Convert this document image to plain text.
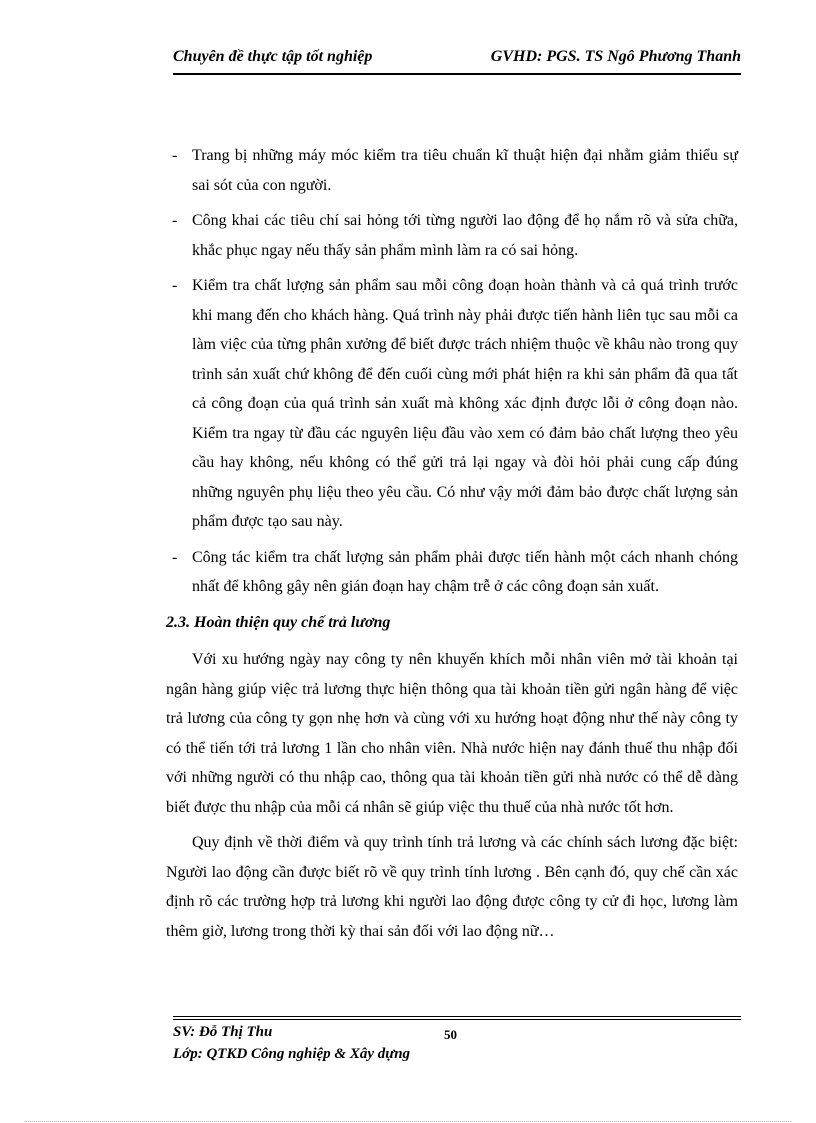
Chuyên đề thực tập tốt nghiệp	GVHD: PGS. TS Ngô Phương Thanh
- Trang bị những máy móc kiểm tra tiêu chuẩn kĩ thuật hiện đại nhằm giảm thiểu sự sai sót của con người.
- Công khai các tiêu chí sai hỏng tới từng người lao động để họ nắm rõ và sửa chữa, khắc phục ngay nếu thấy sản phẩm mình làm ra có sai hỏng.
- Kiểm tra chất lượng sản phẩm sau mỗi công đoạn hoàn thành và cả quá trình trước khi mang đến cho khách hàng. Quá trình này phải được tiến hành liên tục sau mỗi ca làm việc của từng phân xưởng để biết được trách nhiệm thuộc về khâu nào trong quy trình sản xuất chứ không để đến cuối cùng mới phát hiện ra khi sản phẩm đã qua tất cả công đoạn của quá trình sản xuất mà không xác định được lỗi ở công đoạn nào. Kiểm tra ngay từ đầu các nguyên liệu đầu vào xem có đảm bảo chất lượng theo yêu cầu hay không, nếu không có thể gửi trả lại ngay và đòi hỏi phải cung cấp đúng những nguyên phụ liệu theo yêu cầu. Có như vậy mới đảm bảo được chất lượng sản phẩm được tạo sau này.
- Công tác kiểm tra chất lượng sản phẩm phải được tiến hành một cách nhanh chóng nhất để không gây nên gián đoạn hay chậm trễ ở các công đoạn sản xuất.
2.3. Hoàn thiện quy chế trả lương
Với xu hướng ngày nay công ty nên khuyến khích mỗi nhân viên mở tài khoản tại ngân hàng giúp việc trả lương thực hiện thông qua tài khoản tiền gửi ngân hàng để việc trả lương của công ty gọn nhẹ hơn và cùng với xu hướng hoạt động như thế này công ty có thể tiến tới trả lương 1 lần cho nhân viên. Nhà nước hiện nay đánh thuế thu nhập đối với những người có thu nhập cao, thông qua tài khoản tiền gửi nhà nước có thể dễ dàng biết được thu nhập của mỗi cá nhân sẽ giúp việc thu thuế của nhà nước tốt hơn.
Quy định về thời điểm và quy trình tính trả lương và các chính sách lương đặc biệt: Người lao động cần được biết rõ về quy trình tính lương . Bên cạnh đó, quy chế cần xác định rõ các trường hợp trả lương khi người lao động được công ty cử đi học, lương làm thêm giờ, lương trong thời kỳ thai sản đối với lao động nữ…
SV: Đỗ Thị Thu
Lớp: QTKD Công nghiệp & Xây dựng
50
